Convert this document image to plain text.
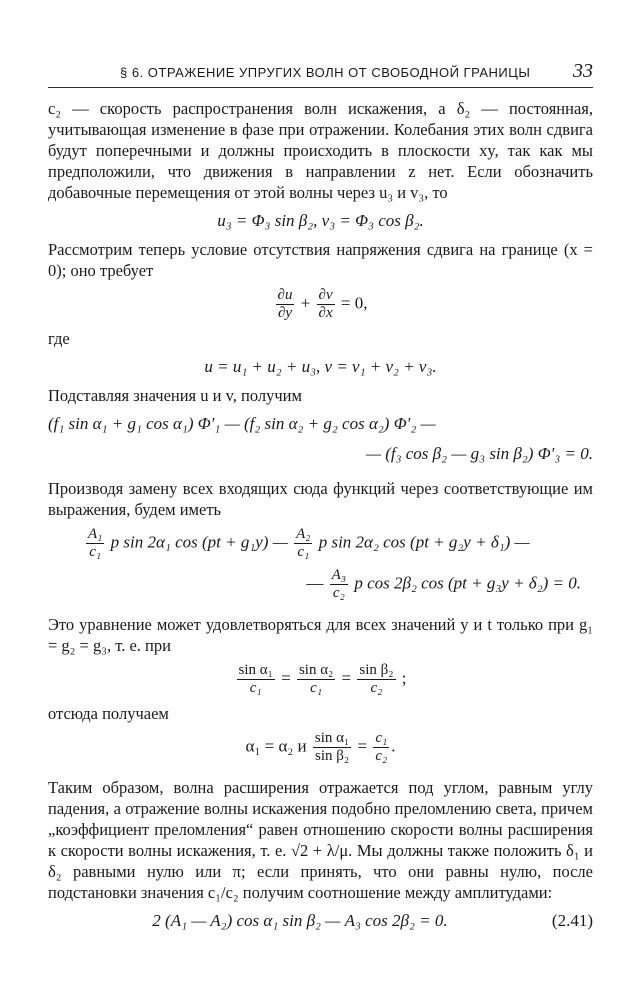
§ 6. ОТРАЖЕНИЕ УПРУГИХ ВОЛН ОТ СВОБОДНОЙ ГРАНИЦЫ 33

c₂ — скорость распространения волн искажения, а δ₂ — постоянная, учитывающая изменение в фазе при отражении. Колебания этих волн сдвига будут поперечными и должны происходить в плоскости xy, так как мы предположили, что движения в направлении z нет. Если обозначить добавочные перемещения от этой волны через u₃ и v₃, то

u₃ = Φ₃ sin β₂, v₃ = Φ₃ cos β₂.

Рассмотрим теперь условие отсутствия напряжения сдвига на границе (x = 0); оно требует

$\frac{\partial u}{\partial y} + \frac{\partial v}{\partial x} = 0$,

где

u = u₁ + u₂ + u₃, v = v₁ + v₂ + v₃.

Подставляя значения u и v, получим

(f₁ sin α₁ + g₁ cos α₁) Φ′₁ — (f₂ sin α₂ + g₂ cos α₂) Φ′₂ —
— (f₃ cos β₂ — g₃ sin β₂) Φ′₃ = 0.

Производя замену всех входящих сюда функций через соответствующие им выражения, будем иметь

$\frac{\text{A₁}}{\text{c₁}}$ p sin 2α₁ cos (pt + g₁y) — $\frac{\text{A₂}}{\text{c₁}}$ p sin 2α₂ cos (pt + g₂y + δ₁) —
— $\frac{\text{A₃}}{\text{c₂}}$ p cos 2β₂ cos (pt + g₃y + δ₂) = 0.

Это уравнение может удовлетворяться для всех значений y и t только при g₁ = g₂ = g₃, т. е. при

$\frac{\text{sin α₁}}{\text{c₁}} = \frac{\text{sin α₂}}{\text{c₁}} = \frac{\text{sin β₂}}{\text{c₂}}$ ;

отсюда получаем

α₁ = α₂ и $\frac{\text{sin α₁}}{\text{sin β₂}} = \frac{\text{c₁}}{\text{c₂}}$ .

Таким образом, волна расширения отражается под углом, равным углу падения, а отражение волны искажения подобно преломлению света, причем „коэффициент преломления“ равен отношению скорости волны расширения к скорости волны искажения, т. е. √2 + λ/μ. Мы должны также положить δ₁ и δ₂ равными нулю или π; если принять, что они равны нулю, после подстановки значения c₁/c₂ получим соотношение между амплитудами:

(2.41)
2 (A₁ — A₂) cos α₁ sin β₂ — A₃ cos 2β₂ = 0.
